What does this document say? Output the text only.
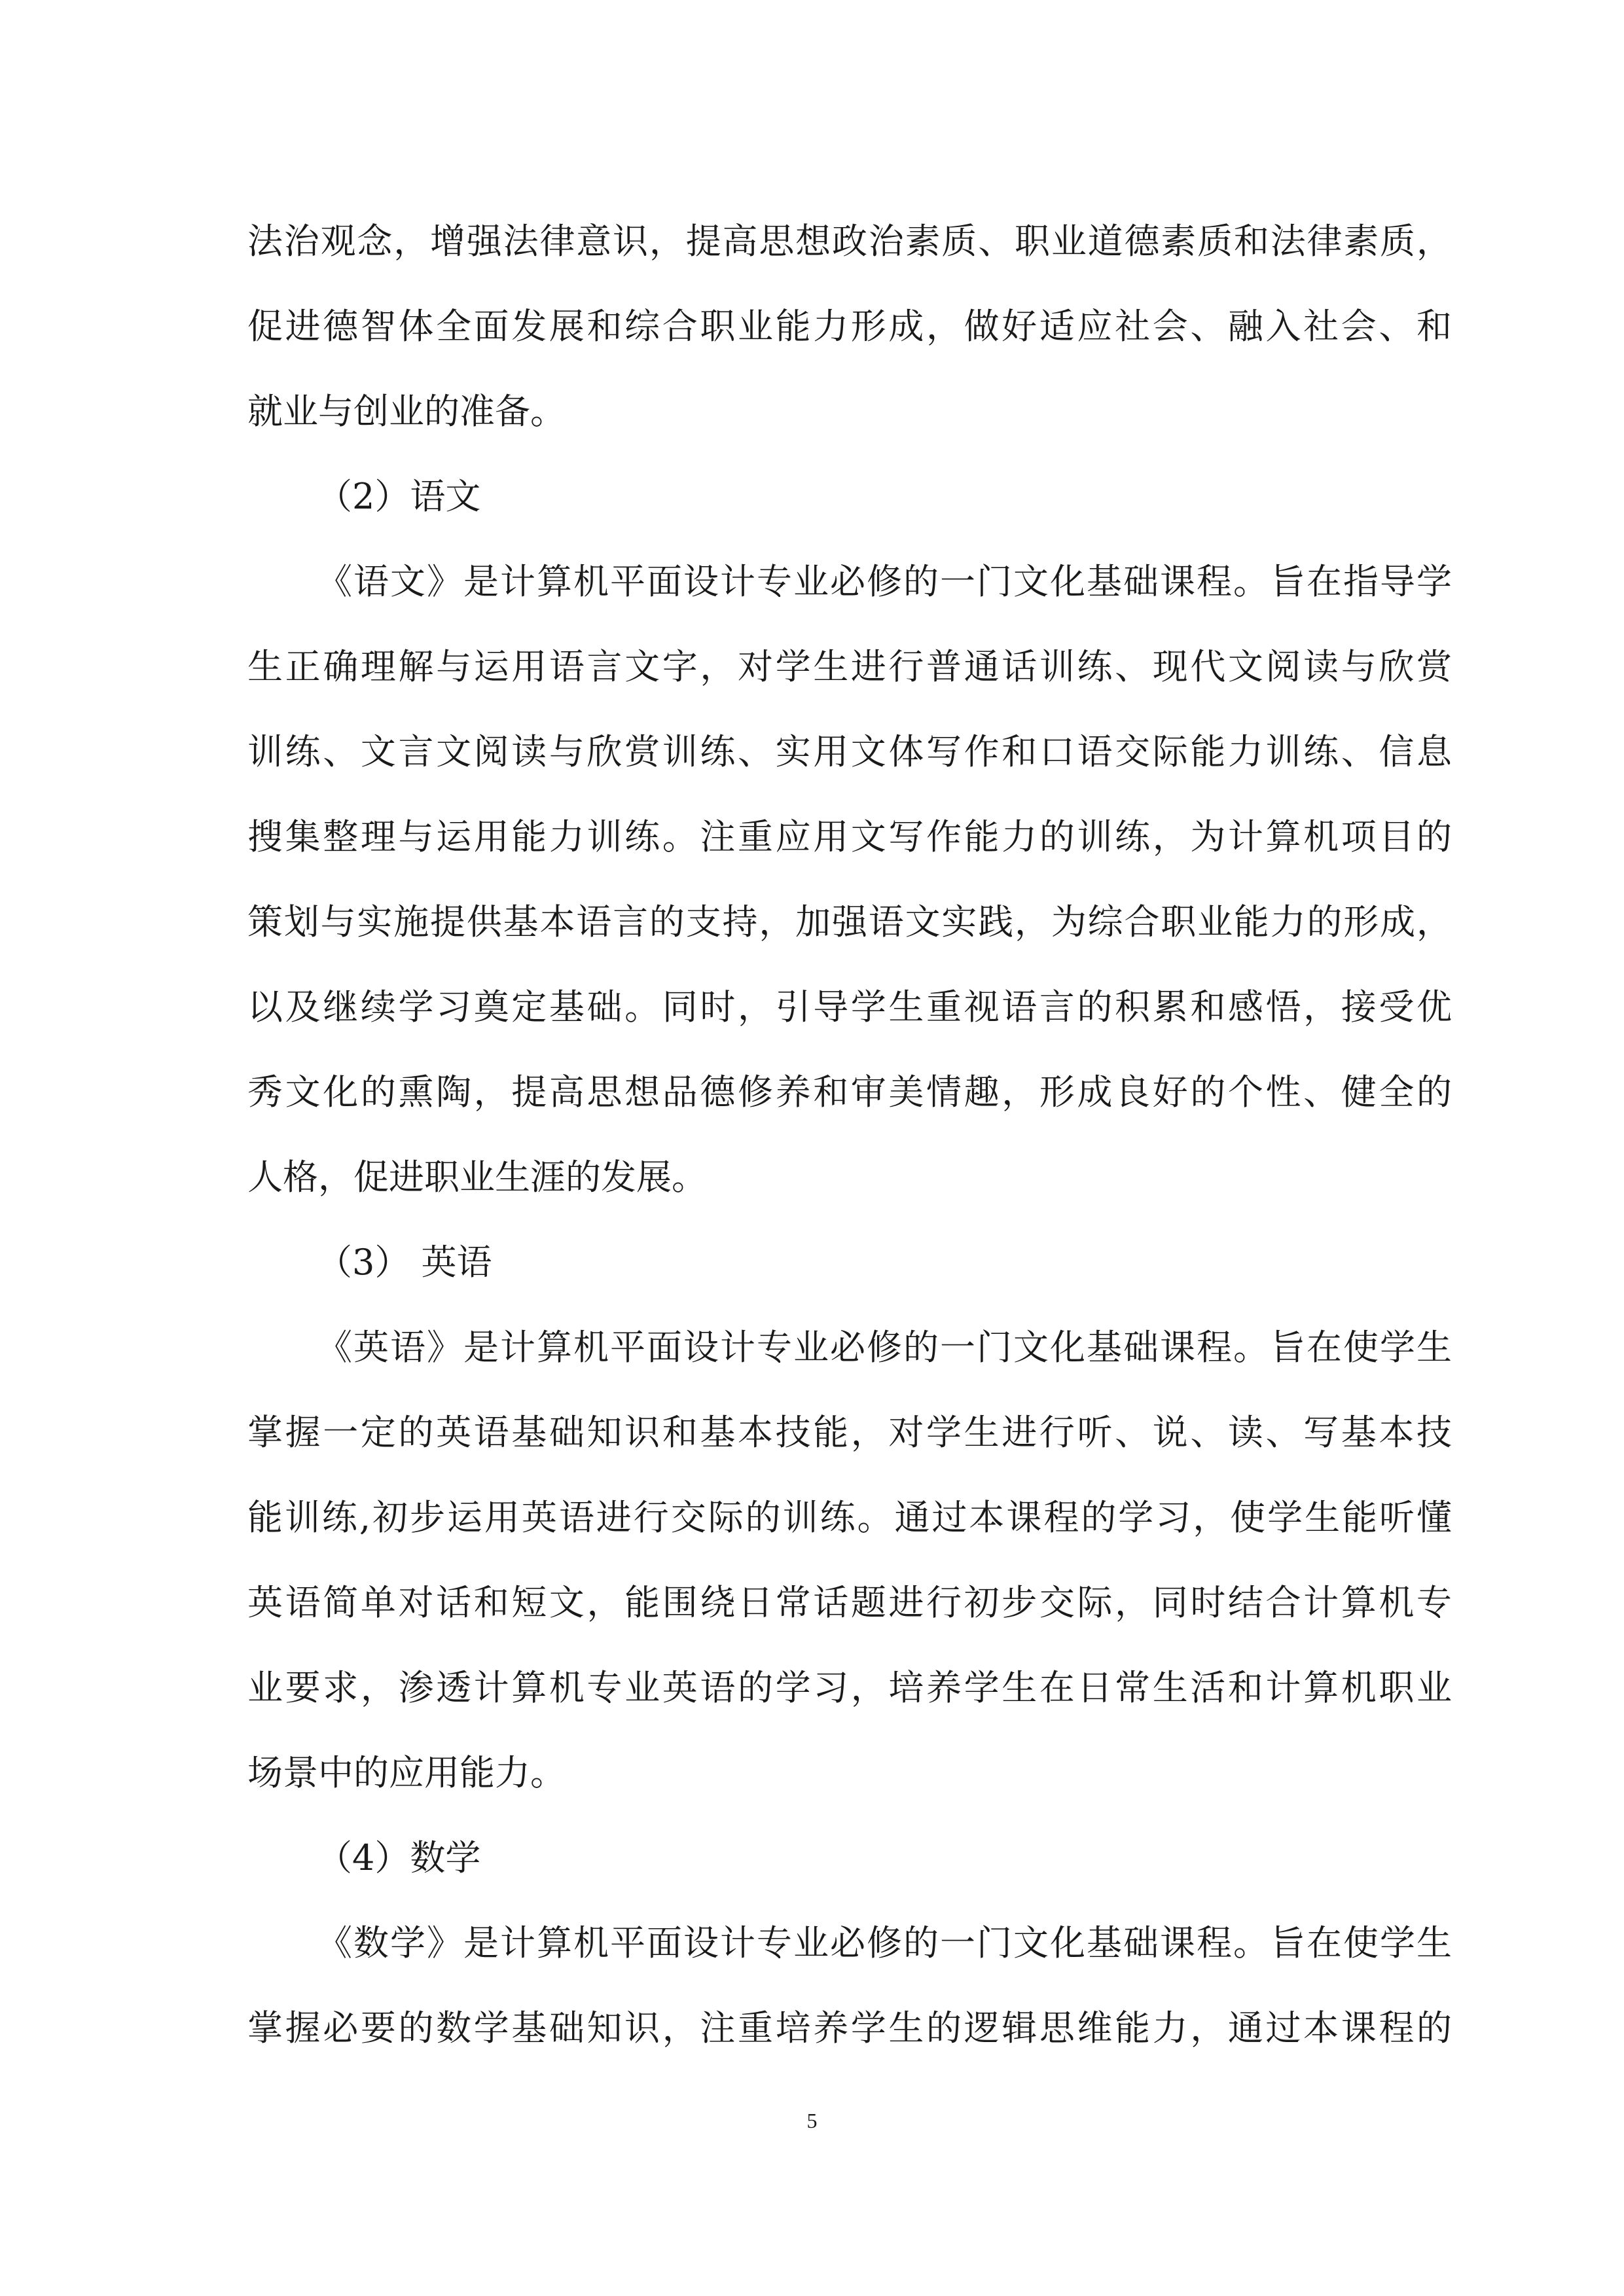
法治观念，增强法律意识，提高思想政治素质、职业道德素质和法律素质，
促进德智体全面发展和综合职业能力形成，做好适应社会、融入社会、和
就业与创业的准备。
（2）语文
《语文》是计算机平面设计专业必修的一门文化基础课程。旨在指导学
生正确理解与运用语言文字，对学生进行普通话训练、现代文阅读与欣赏
训练、文言文阅读与欣赏训练、实用文体写作和口语交际能力训练、信息
搜集整理与运用能力训练。注重应用文写作能力的训练，为计算机项目的
策划与实施提供基本语言的支持，加强语文实践，为综合职业能力的形成，
以及继续学习奠定基础。同时，引导学生重视语言的积累和感悟，接受优
秀文化的熏陶，提高思想品德修养和审美情趣，形成良好的个性、健全的
人格，促进职业生涯的发展。
（3） 英语
《英语》是计算机平面设计专业必修的一门文化基础课程。旨在使学生
掌握一定的英语基础知识和基本技能，对学生进行听、说、读、写基本技
能训练,初步运用英语进行交际的训练。通过本课程的学习，使学生能听懂
英语简单对话和短文，能围绕日常话题进行初步交际，同时结合计算机专
业要求，渗透计算机专业英语的学习，培养学生在日常生活和计算机职业
场景中的应用能力。
（4）数学
《数学》是计算机平面设计专业必修的一门文化基础课程。旨在使学生
掌握必要的数学基础知识，注重培养学生的逻辑思维能力，通过本课程的
5
